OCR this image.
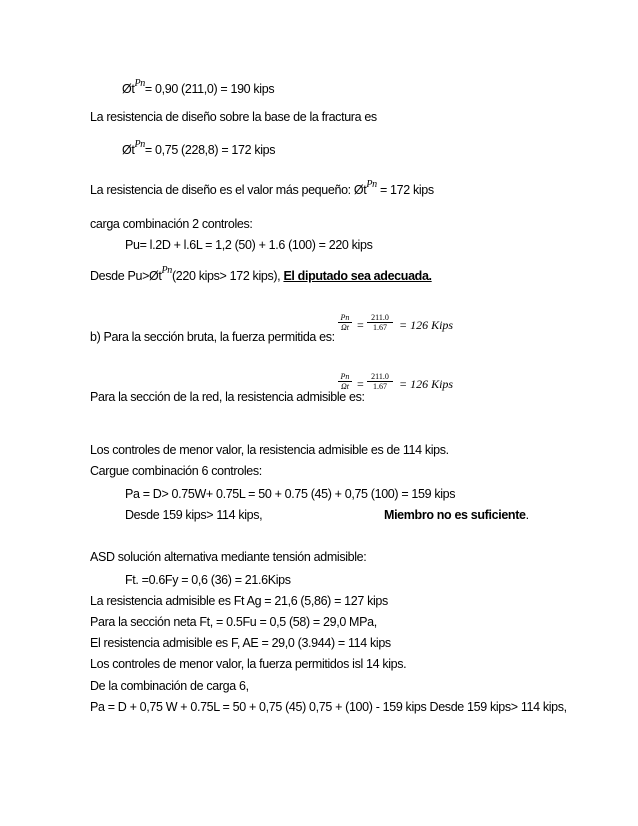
$Øt^{Pn}= 0,90$ (211,0) = 190 kips
La resistencia de diseño sobre la base de la fractura es
$Øt^{Pn}= 0,75$ (228,8) = 172 kips
La resistencia de diseño es el valor más pequeño: $Øt^{Pn} = 172$ kips
carga combinación 2 controles:
Pu= l.2D + l.6L = 1,2 (50) + 1.6 (100) = 220 kips
Desde $Pu>Øt^{Pn}(220$ kips> 172 kips), El diputado sea adecuada.
$\frac{Pn}{\Omega t} = \frac{211.0}{1.67} = 126$ Kips
b) Para la sección bruta, la fuerza permitida es:
$\frac{Pn}{\Omega t} = \frac{211.0}{1.67} = 126$ Kips
Para la sección de la red, la resistencia admisible es:
Los controles de menor valor, la resistencia admisible es de 114 kips.
Cargue combinación 6 controles:
Pa = D> 0.75W+ 0.75L = 50 + 0.75 (45) + 0,75 (100) = 159 kips
Desde 159 kips> 114 kips,	Miembro no es suficiente.
ASD solución alternativa mediante tensión admisible:
Ft. =0.6Fy = 0,6 (36) = 21.6Kips
La resistencia admisible es Ft Ag = 21,6 (5,86) = 127 kips
Para la sección neta Ft, = 0.5Fu = 0,5 (58) = 29,0 MPa,
El resistencia admisible es F, AE = 29,0 (3.944) = 114 kips
Los controles de menor valor, la fuerza permitidos isl 14 kips.
De la combinación de carga 6,
Pa = D + 0,75 W + 0.75L = 50 + 0,75 (45) 0,75 + (100) - 159 kips Desde 159 kips> 114 kips,
